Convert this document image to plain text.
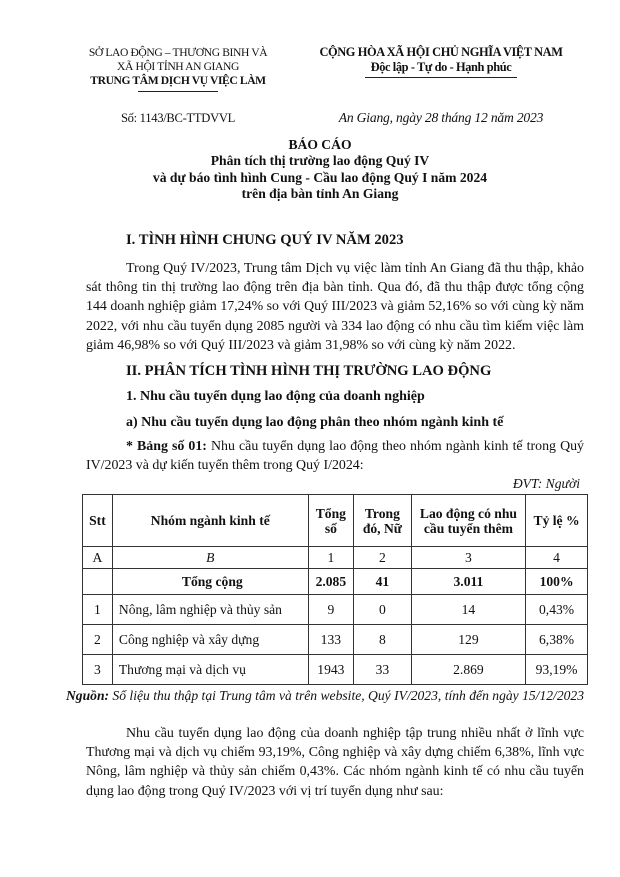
SỞ LAO ĐỘNG – THƯƠNG BINH VÀ
XÃ HỘI TỈNH AN GIANG
TRUNG TÂM DỊCH VỤ VIỆC LÀM
Số: 1143/BC-TTDVVL
CỘNG HÒA XÃ HỘI CHỦ NGHĨA VIỆT NAM
Độc lập - Tự do - Hạnh phúc
An Giang, ngày 28 tháng 12 năm 2023
BÁO CÁO
Phân tích thị trường lao động Quý IV
và dự báo tình hình Cung - Cầu lao động Quý I năm 2024
trên địa bàn tỉnh An Giang
I. TÌNH HÌNH CHUNG QUÝ IV NĂM 2023
Trong Quý IV/2023, Trung tâm Dịch vụ việc làm tỉnh An Giang đã thu thập, khảo sát thông tin thị trường lao động trên địa bàn tỉnh. Qua đó, đã thu thập được tổng cộng 144 doanh nghiệp giảm 17,24% so với Quý III/2023 và giảm 52,16% so với cùng kỳ năm 2022, với nhu cầu tuyển dụng 2085 người và 334 lao động có nhu cầu tìm kiếm việc làm giảm 46,98% so với Quý III/2023 và giảm 31,98% so với cùng kỳ năm 2022.
II. PHÂN TÍCH TÌNH HÌNH THỊ TRƯỜNG LAO ĐỘNG
1. Nhu cầu tuyển dụng lao động của doanh nghiệp
a) Nhu cầu tuyển dụng lao động phân theo nhóm ngành kinh tế
* Bảng số 01: Nhu cầu tuyển dụng lao động theo nhóm ngành kinh tế trong Quý IV/2023 và dự kiến tuyển thêm trong Quý I/2024:
ĐVT: Người
Stt	Nhóm ngành kinh tế	Tổng số	Trong đó, Nữ	Lao động có nhu cầu tuyển thêm	Tỷ lệ %
A	B	1	2	3	4
	Tổng cộng	2.085	41	3.011	100%
1	Nông, lâm nghiệp và thủy sản	9	0	14	0,43%
2	Công nghiệp và xây dựng	133	8	129	6,38%
3	Thương mại và dịch vụ	1943	33	2.869	93,19%
Nguồn: Số liệu thu thập tại Trung tâm và trên website, Quý IV/2023, tính đến ngày 15/12/2023
Nhu cầu tuyển dụng lao động của doanh nghiệp tập trung nhiều nhất ở lĩnh vực Thương mại và dịch vụ chiếm 93,19%, Công nghiệp và xây dựng chiếm 6,38%, lĩnh vực Nông, lâm nghiệp và thủy sản chiếm 0,43%. Các nhóm ngành kinh tế có nhu cầu tuyển dụng lao động trong Quý IV/2023 với vị trí tuyển dụng như sau:
